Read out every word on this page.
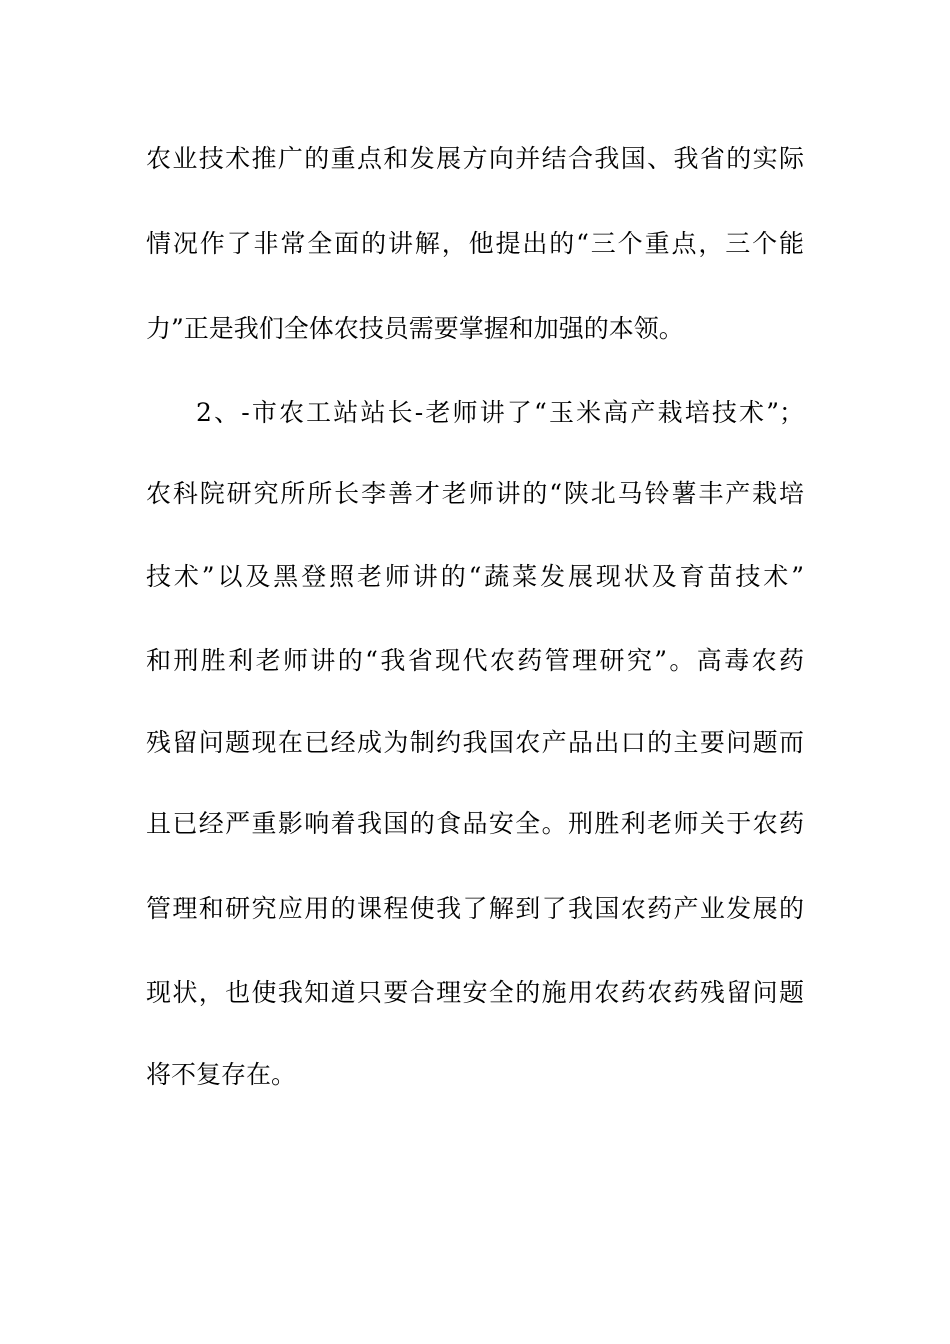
农业技术推广的重点和发展方向并结合我国、我省的实际
情况作了非常全面的讲解，他提出的“三个重点，三个能
力”正是我们全体农技员需要掌握和加强的本领。
2、-市农工站站长-老师讲了“玉米高产栽培技术”；
农科院研究所所长李善才老师讲的“陕北马铃薯丰产栽培
技术”以及黑登照老师讲的“蔬菜发展现状及育苗技术”
和刑胜利老师讲的“我省现代农药管理研究”。高毒农药
残留问题现在已经成为制约我国农产品出口的主要问题而
且已经严重影响着我国的食品安全。刑胜利老师关于农药
管理和研究应用的课程使我了解到了我国农药产业发展的
现状，也使我知道只要合理安全的施用农药农药残留问题
将不复存在。
